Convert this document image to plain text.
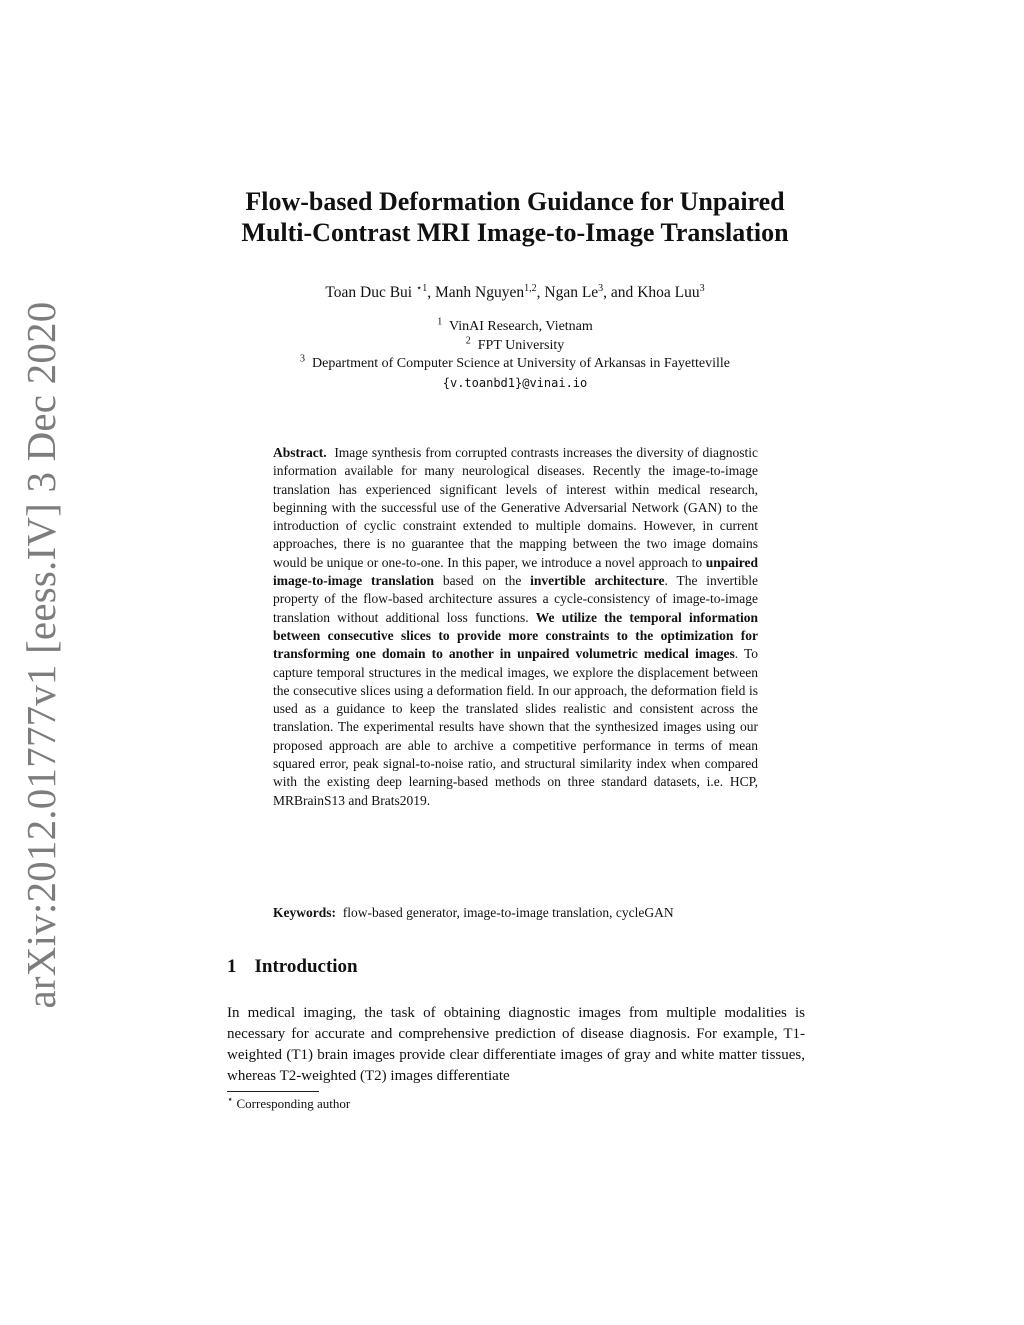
arXiv:2012.01777v1 [eess.IV] 3 Dec 2020
Flow-based Deformation Guidance for Unpaired
Multi-Contrast MRI Image-to-Image Translation

Toan Duc Bui $^{⋆1}$, Manh Nguyen$^{1,2}$, Ngan Le$^3$, and Khoa Luu$^3$

$^1$ VinAI Research, Vietnam
$^2$ FPT University
$^3$ Department of Computer Science at University of Arkansas in Fayetteville
{v.toanbd1}@vinai.io

Abstract. Image synthesis from corrupted contrasts increases the diversity of diagnostic information available for many neurological diseases. Recently the image-to-image translation has experienced significant levels of interest within medical research, beginning with the successful use of the Generative Adversarial Network (GAN) to the introduction of cyclic constraint extended to multiple domains. However, in current approaches, there is no guarantee that the mapping between the two image domains would be unique or one-to-one. In this paper, we introduce a novel approach to unpaired image-to-image translation based on the invertible architecture. The invertible property of the flow-based architecture assures a cycle-consistency of image-to-image translation without additional loss functions. We utilize the temporal information between consecutive slices to provide more constraints to the optimization for transforming one domain to another in unpaired volumetric medical images. To capture temporal structures in the medical images, we explore the displacement between the consecutive slices using a deformation field. In our approach, the deformation field is used as a guidance to keep the translated slides realistic and consistent across the translation. The experimental results have shown that the synthesized images using our proposed approach are able to archive a competitive performance in terms of mean squared error, peak signal-to-noise ratio, and structural similarity index when compared with the existing deep learning-based methods on three standard datasets, i.e. HCP, MRBrainS13 and Brats2019.

Keywords: flow-based generator, image-to-image translation, cycleGAN

1 Introduction

In medical imaging, the task of obtaining diagnostic images from multiple modalities is necessary for accurate and comprehensive prediction of disease diagnosis. For example, T1-weighted (T1) brain images provide clear differentiate images of gray and white matter tissues, whereas T2-weighted (T2) images differentiate

⋆ Corresponding author
